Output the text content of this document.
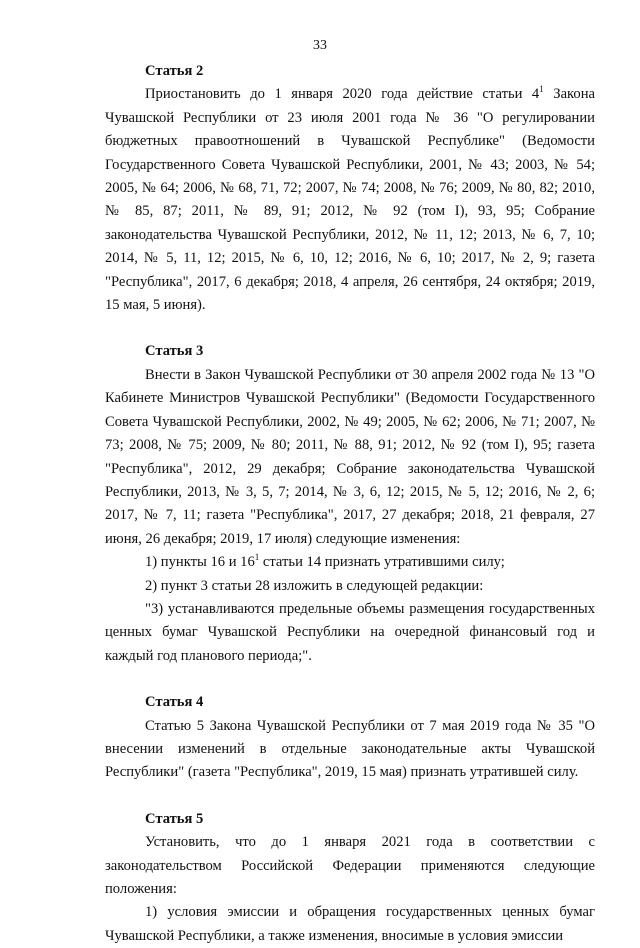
33

Статья 2

Приостановить до 1 января 2020 года действие статьи $4^1$ Закона Чувашской Республики от 23 июля 2001 года № 36 "О регулировании бюджетных правоотношений в Чувашской Республике" (Ведомости Государственного Совета Чувашской Республики, 2001, № 43; 2003, № 54; 2005, № 64; 2006, № 68, 71, 72; 2007, № 74; 2008, № 76; 2009, № 80, 82; 2010, № 85, 87; 2011, № 89, 91; 2012, № 92 (том I), 93, 95; Собрание законодательства Чувашской Республики, 2012, № 11, 12; 2013, № 6, 7, 10; 2014, № 5, 11, 12; 2015, № 6, 10, 12; 2016, № 6, 10; 2017, № 2, 9; газета "Республика", 2017, 6 декабря; 2018, 4 апреля, 26 сентября, 24 октября; 2019, 15 мая, 5 июня).

Статья 3

Внести в Закон Чувашской Республики от 30 апреля 2002 года № 13 "О Кабинете Министров Чувашской Республики" (Ведомости Государственного Совета Чувашской Республики, 2002, № 49; 2005, № 62; 2006, № 71; 2007, № 73; 2008, № 75; 2009, № 80; 2011, № 88, 91; 2012, № 92 (том I), 95; газета "Республика", 2012, 29 декабря; Собрание законодательства Чувашской Республики, 2013, № 3, 5, 7; 2014, № 3, 6, 12; 2015, № 5, 12; 2016, № 2, 6; 2017, № 7, 11; газета "Республика", 2017, 27 декабря; 2018, 21 февраля, 27 июня, 26 декабря; 2019, 17 июля) следующие изменения:

1) пункты 16 и $16^1$ статьи 14 признать утратившими силу;

2) пункт 3 статьи 28 изложить в следующей редакции:

"3) устанавливаются предельные объемы размещения государственных ценных бумаг Чувашской Республики на очередной финансовый год и каждый год планового периода;".

Статья 4

Статью 5 Закона Чувашской Республики от 7 мая 2019 года № 35 "О внесении изменений в отдельные законодательные акты Чувашской Республики" (газета "Республика", 2019, 15 мая) признать утратившей силу.

Статья 5

Установить, что до 1 января 2021 года в соответствии с законодательством Российской Федерации применяются следующие положения:

1) условия эмиссии и обращения государственных ценных бумаг Чувашской Республики, а также изменения, вносимые в условия эмиссии
